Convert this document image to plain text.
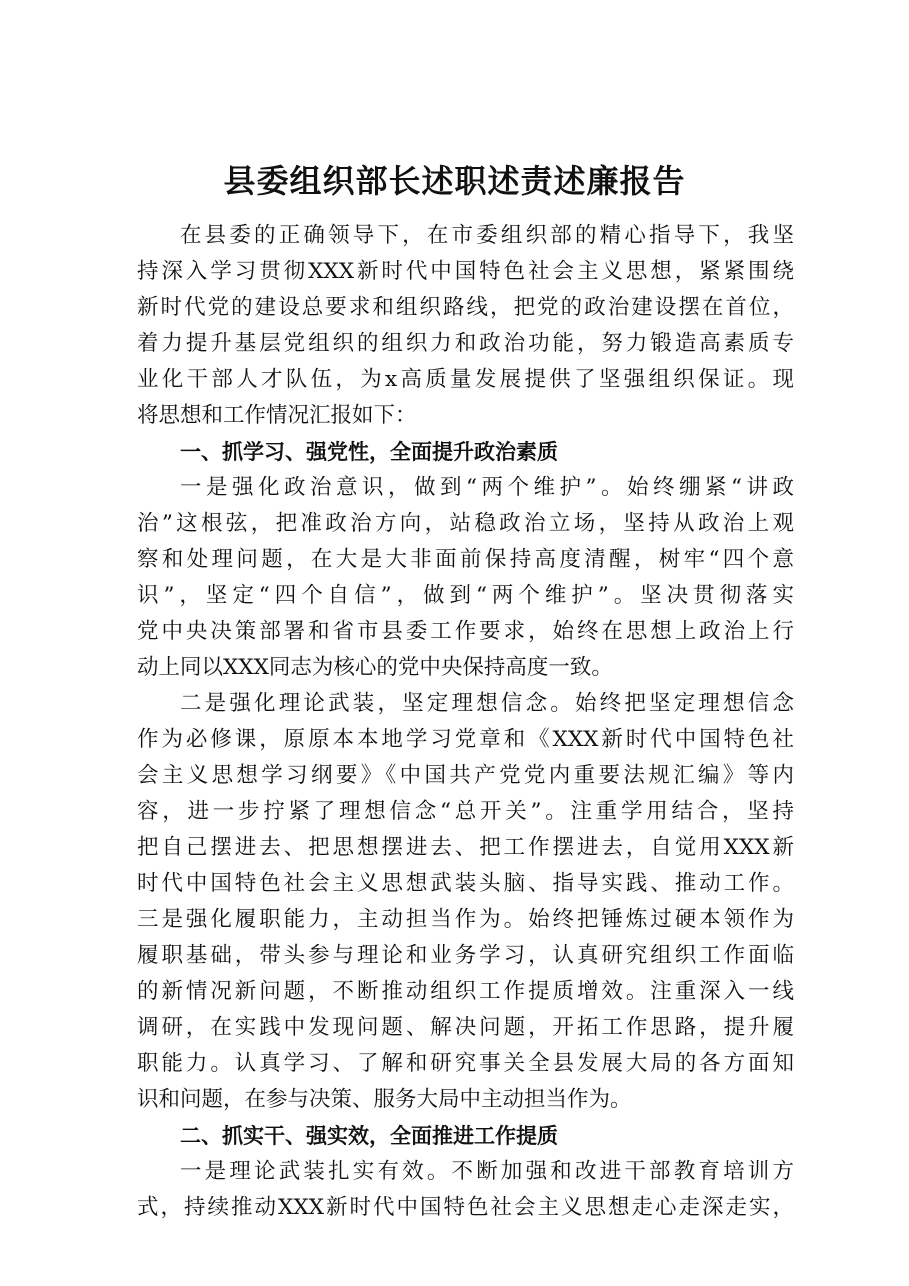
县委组织部长述职述责述廉报告
在县委的正确领导下，在市委组织部的精心指导下，我坚
持深入学习贯彻XXX新时代中国特色社会主义思想，紧紧围绕
新时代党的建设总要求和组织路线，把党的政治建设摆在首位，
着力提升基层党组织的组织力和政治功能，努力锻造高素质专
业化干部人才队伍，为x高质量发展提供了坚强组织保证。现
将思想和工作情况汇报如下：
一、抓学习、强党性，全面提升政治素质
一是强化政治意识，做到“两个维护”。始终绷紧“讲政
治”这根弦，把准政治方向，站稳政治立场，坚持从政治上观
察和处理问题，在大是大非面前保持高度清醒，树牢“四个意
识”，坚定“四个自信”，做到“两个维护”。坚决贯彻落实
党中央决策部署和省市县委工作要求，始终在思想上政治上行
动上同以XXX同志为核心的党中央保持高度一致。
二是强化理论武装，坚定理想信念。始终把坚定理想信念
作为必修课，原原本本地学习党章和《XXX新时代中国特色社
会主义思想学习纲要》《中国共产党党内重要法规汇编》等内
容，进一步拧紧了理想信念“总开关”。注重学用结合，坚持
把自己摆进去、把思想摆进去、把工作摆进去，自觉用XXX新
时代中国特色社会主义思想武装头脑、指导实践、推动工作。
三是强化履职能力，主动担当作为。始终把锤炼过硬本领作为
履职基础，带头参与理论和业务学习，认真研究组织工作面临
的新情况新问题，不断推动组织工作提质增效。注重深入一线
调研，在实践中发现问题、解决问题，开拓工作思路，提升履
职能力。认真学习、了解和研究事关全县发展大局的各方面知
识和问题，在参与决策、服务大局中主动担当作为。
二、抓实干、强实效，全面推进工作提质
一是理论武装扎实有效。不断加强和改进干部教育培训方
式，持续推动XXX新时代中国特色社会主义思想走心走深走实，
